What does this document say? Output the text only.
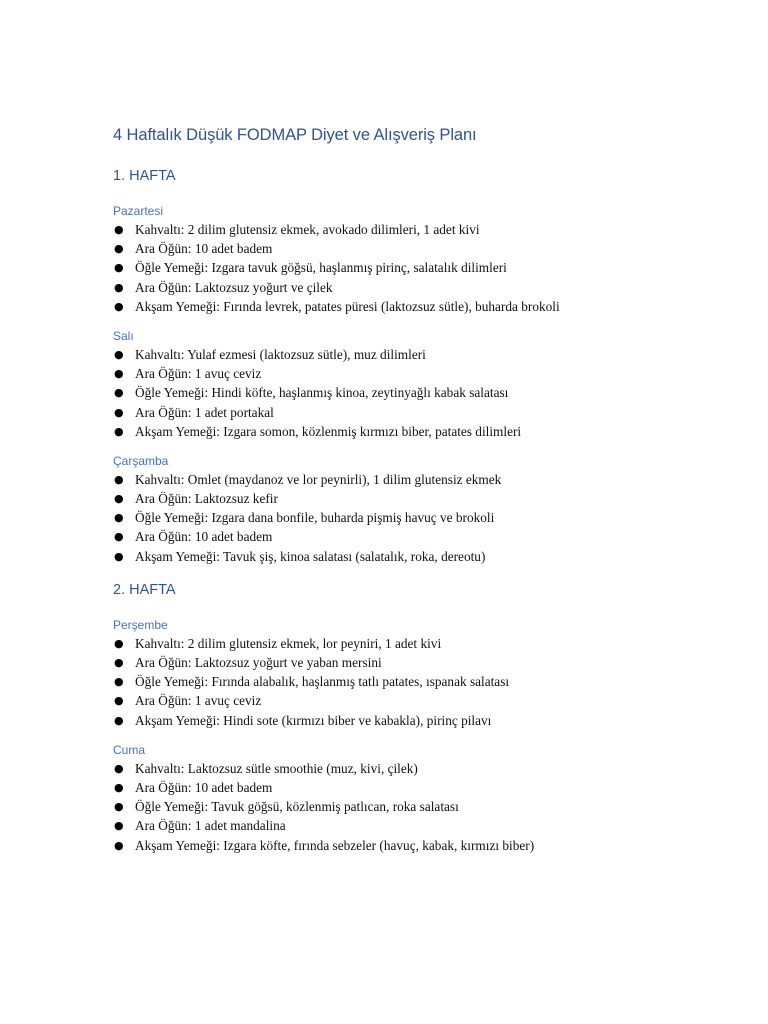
4 Haftalık Düşük FODMAP Diyet ve Alışveriş Planı
1. HAFTA
Pazartesi
● Kahvaltı: 2 dilim glutensiz ekmek, avokado dilimleri, 1 adet kivi
● Ara Öğün: 10 adet badem
● Öğle Yemeği: Izgara tavuk göğsü, haşlanmış pirinç, salatalık dilimleri
● Ara Öğün: Laktozsuz yoğurt ve çilek
● Akşam Yemeği: Fırında levrek, patates püresi (laktozsuz sütle), buharda brokoli
Salı
● Kahvaltı: Yulaf ezmesi (laktozsuz sütle), muz dilimleri
● Ara Öğün: 1 avuç ceviz
● Öğle Yemeği: Hindi köfte, haşlanmış kinoa, zeytinyağlı kabak salatası
● Ara Öğün: 1 adet portakal
● Akşam Yemeği: Izgara somon, közlenmiş kırmızı biber, patates dilimleri
Çarşamba
● Kahvaltı: Omlet (maydanoz ve lor peynirli), 1 dilim glutensiz ekmek
● Ara Öğün: Laktozsuz kefir
● Öğle Yemeği: Izgara dana bonfile, buharda pişmiş havuç ve brokoli
● Ara Öğün: 10 adet badem
● Akşam Yemeği: Tavuk şiş, kinoa salatası (salatalık, roka, dereotu)
2. HAFTA
Perşembe
● Kahvaltı: 2 dilim glutensiz ekmek, lor peyniri, 1 adet kivi
● Ara Öğün: Laktozsuz yoğurt ve yaban mersini
● Öğle Yemeği: Fırında alabalık, haşlanmış tatlı patates, ıspanak salatası
● Ara Öğün: 1 avuç ceviz
● Akşam Yemeği: Hindi sote (kırmızı biber ve kabakla), pirinç pilavı
Cuma
● Kahvaltı: Laktozsuz sütle smoothie (muz, kivi, çilek)
● Ara Öğün: 10 adet badem
● Öğle Yemeği: Tavuk göğsü, közlenmiş patlıcan, roka salatası
● Ara Öğün: 1 adet mandalina
● Akşam Yemeği: Izgara köfte, fırında sebzeler (havuç, kabak, kırmızı biber)
